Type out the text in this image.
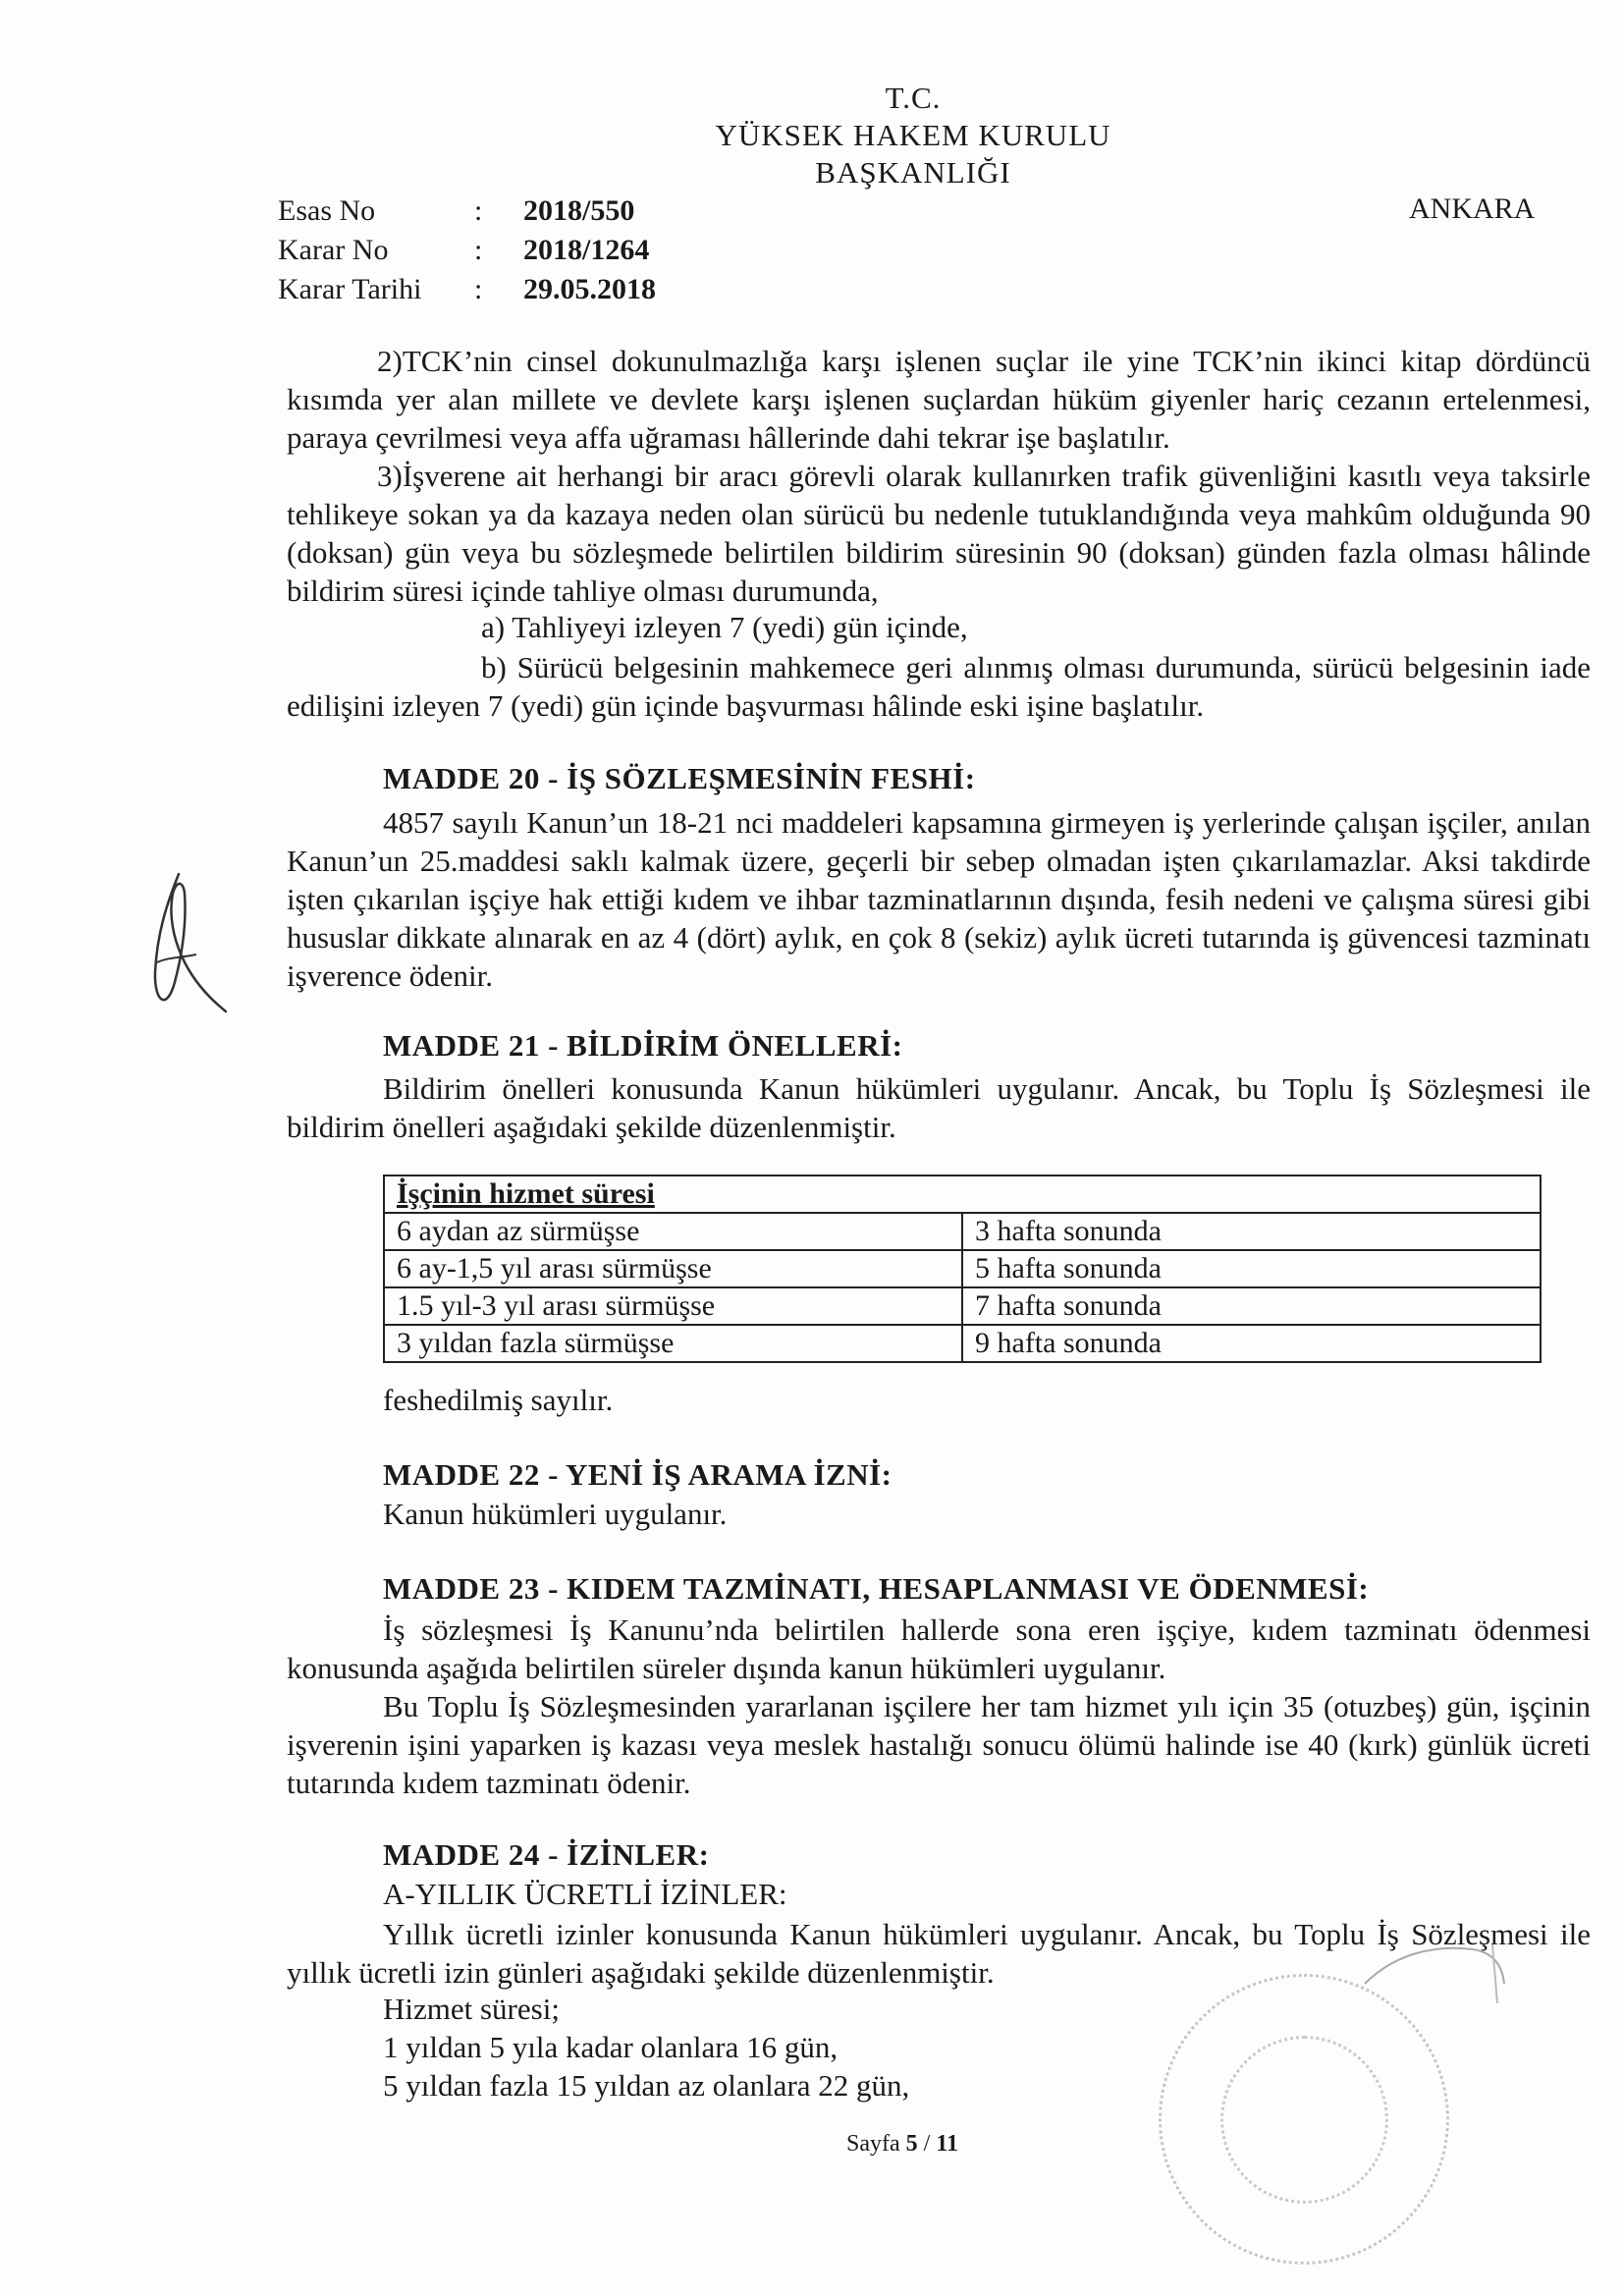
T.C.
YÜKSEK HAKEM KURULU
BAŞKANLIĞI
ANKARA
Esas No	: 2018/550
Karar No	: 2018/1264
Karar Tarihi : 29.05.2018

2)TCK’nin cinsel dokunulmazlığa karşı işlenen suçlar ile yine TCK’nin ikinci kitap dördüncü kısımda yer alan millete ve devlete karşı işlenen suçlardan hüküm giyenler hariç cezanın ertelenmesi, paraya çevrilmesi veya affa uğraması hâllerinde dahi tekrar işe başlatılır.

3)İşverene ait herhangi bir aracı görevli olarak kullanırken trafik güvenliğini kasıtlı veya taksirle tehlikeye sokan ya da kazaya neden olan sürücü bu nedenle tutuklandığında veya mahkûm olduğunda 90 (doksan) gün veya bu sözleşmede belirtilen bildirim süresinin 90 (doksan) günden fazla olması hâlinde bildirim süresi içinde tahliye olması durumunda,

a) Tahliyeyi izleyen 7 (yedi) gün içinde,

b) Sürücü belgesinin mahkemece geri alınmış olması durumunda, sürücü belgesinin iade edilişini izleyen 7 (yedi) gün içinde başvurması hâlinde eski işine başlatılır.

MADDE 20 - İŞ SÖZLEŞMESİNİN FESHİ:

4857 sayılı Kanun’un 18-21 nci maddeleri kapsamına girmeyen iş yerlerinde çalışan işçiler, anılan Kanun’un 25.maddesi saklı kalmak üzere, geçerli bir sebep olmadan işten çıkarılamazlar. Aksi takdirde işten çıkarılan işçiye hak ettiği kıdem ve ihbar tazminatlarının dışında, fesih nedeni ve çalışma süresi gibi hususlar dikkate alınarak en az 4 (dört) aylık, en çok 8 (sekiz) aylık ücreti tutarında iş güvencesi tazminatı işverence ödenir.

MADDE 21 - BİLDİRİM ÖNELLERİ:

Bildirim önelleri konusunda Kanun hükümleri uygulanır. Ancak, bu Toplu İş Sözleşmesi ile bildirim önelleri aşağıdaki şekilde düzenlenmiştir.

İşçinin hizmet süresi	
6 aydan az sürmüşse	3 hafta sonunda
6 ay-1,5 yıl arası sürmüşse	5 hafta sonunda
1.5 yıl-3 yıl arası sürmüşse	7 hafta sonunda
3 yıldan fazla sürmüşse	9 hafta sonunda
feshedilmiş sayılır.
MADDE 22 - YENİ İŞ ARAMA İZNİ:
Kanun hükümleri uygulanır.
MADDE 23 - KIDEM TAZMİNATI, HESAPLANMASI VE ÖDENMESİ:

İş sözleşmesi İş Kanunu’nda belirtilen hallerde sona eren işçiye, kıdem tazminatı ödenmesi konusunda aşağıda belirtilen süreler dışında kanun hükümleri uygulanır.

Bu Toplu İş Sözleşmesinden yararlanan işçilere her tam hizmet yılı için 35 (otuzbeş) gün, işçinin işverenin işini yaparken iş kazası veya meslek hastalığı sonucu ölümü halinde ise 40 (kırk) günlük ücreti tutarında kıdem tazminatı ödenir.

MADDE 24 - İZİNLER:
A-YILLIK ÜCRETLİ İZİNLER:

Yıllık ücretli izinler konusunda Kanun hükümleri uygulanır. Ancak, bu Toplu İş Sözleşmesi ile yıllık ücretli izin günleri aşağıdaki şekilde düzenlenmiştir.

Hizmet süresi;
1 yıldan 5 yıla kadar olanlara 16 gün,
5 yıldan fazla 15 yıldan az olanlara 22 gün,
Sayfa 5 / 11
